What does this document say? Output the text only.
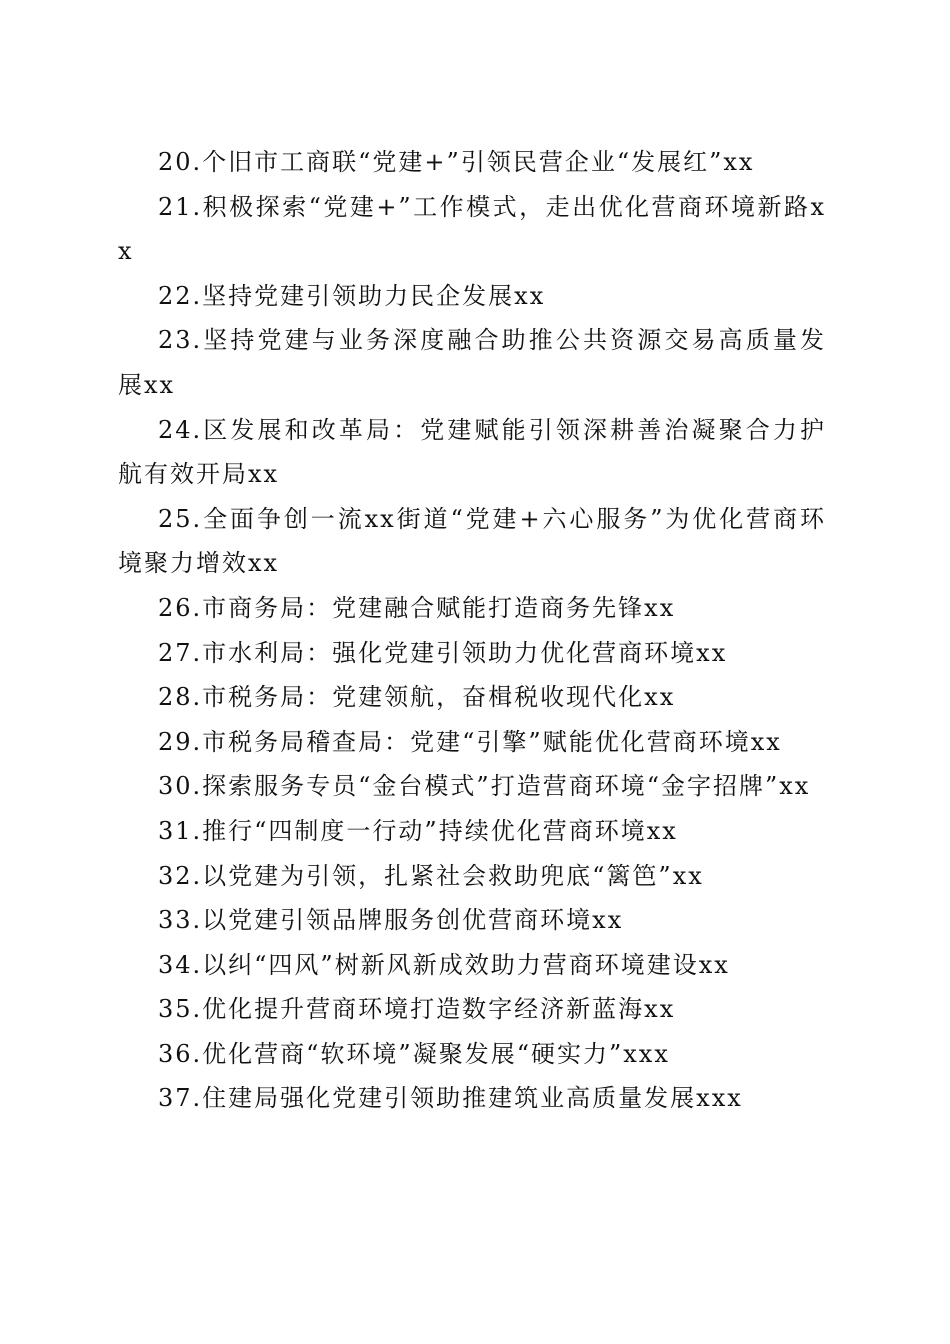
20.个旧市工商联“党建+”引领民营企业“发展红”xx

21.积极探索“党建+”工作模式，走出优化营商环境新路xx

22.坚持党建引领助力民企发展xx

23.坚持党建与业务深度融合助推公共资源交易高质量发展xx

24.区发展和改革局：党建赋能引领深耕善治凝聚合力护航有效开局xx

25.全面争创一流xx街道“党建+六心服务”为优化营商环境聚力增效xx

26.市商务局：党建融合赋能打造商务先锋xx

27.市水利局：强化党建引领助力优化营商环境xx

28.市税务局：党建领航，奋楫税收现代化xx

29.市税务局稽查局：党建“引擎”赋能优化营商环境xx

30.探索服务专员“金台模式”打造营商环境“金字招牌”xx

31.推行“四制度一行动”持续优化营商环境xx

32.以党建为引领，扎紧社会救助兜底“篱笆”xx

33.以党建引领品牌服务创优营商环境xx

34.以纠“四风”树新风新成效助力营商环境建设xx

35.优化提升营商环境打造数字经济新蓝海xx

36.优化营商“软环境”凝聚发展“硬实力”xxx

37.住建局强化党建引领助推建筑业高质量发展xxx
